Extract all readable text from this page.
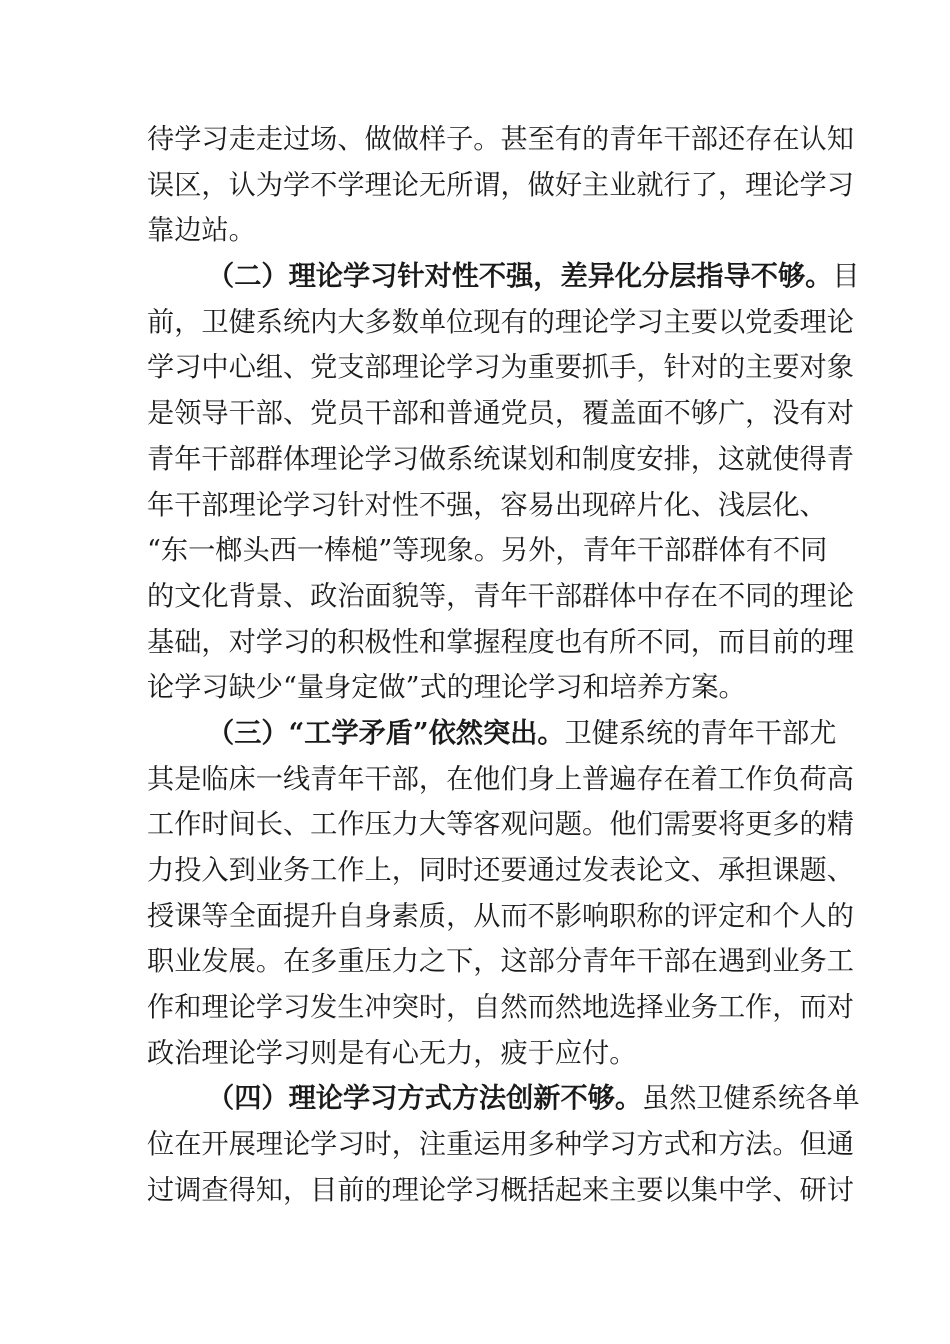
待学习走走过场、做做样子。甚至有的青年干部还存在认知
误区，认为学不学理论无所谓，做好主业就行了，理论学习
靠边站。
（二）理论学习针对性不强，差异化分层指导不够。目
前，卫健系统内大多数单位现有的理论学习主要以党委理论
学习中心组、党支部理论学习为重要抓手，针对的主要对象
是领导干部、党员干部和普通党员，覆盖面不够广，没有对
青年干部群体理论学习做系统谋划和制度安排，这就使得青
年干部理论学习针对性不强，容易出现碎片化、浅层化、
“东一榔头西一棒槌”等现象。另外，青年干部群体有不同
的文化背景、政治面貌等，青年干部群体中存在不同的理论
基础，对学习的积极性和掌握程度也有所不同，而目前的理
论学习缺少“量身定做”式的理论学习和培养方案。
（三）“工学矛盾”依然突出。卫健系统的青年干部尤
其是临床一线青年干部，在他们身上普遍存在着工作负荷高
工作时间长、工作压力大等客观问题。他们需要将更多的精
力投入到业务工作上，同时还要通过发表论文、承担课题、
授课等全面提升自身素质，从而不影响职称的评定和个人的
职业发展。在多重压力之下，这部分青年干部在遇到业务工
作和理论学习发生冲突时，自然而然地选择业务工作，而对
政治理论学习则是有心无力，疲于应付。
（四）理论学习方式方法创新不够。虽然卫健系统各单
位在开展理论学习时，注重运用多种学习方式和方法。但通
过调查得知，目前的理论学习概括起来主要以集中学、研讨
